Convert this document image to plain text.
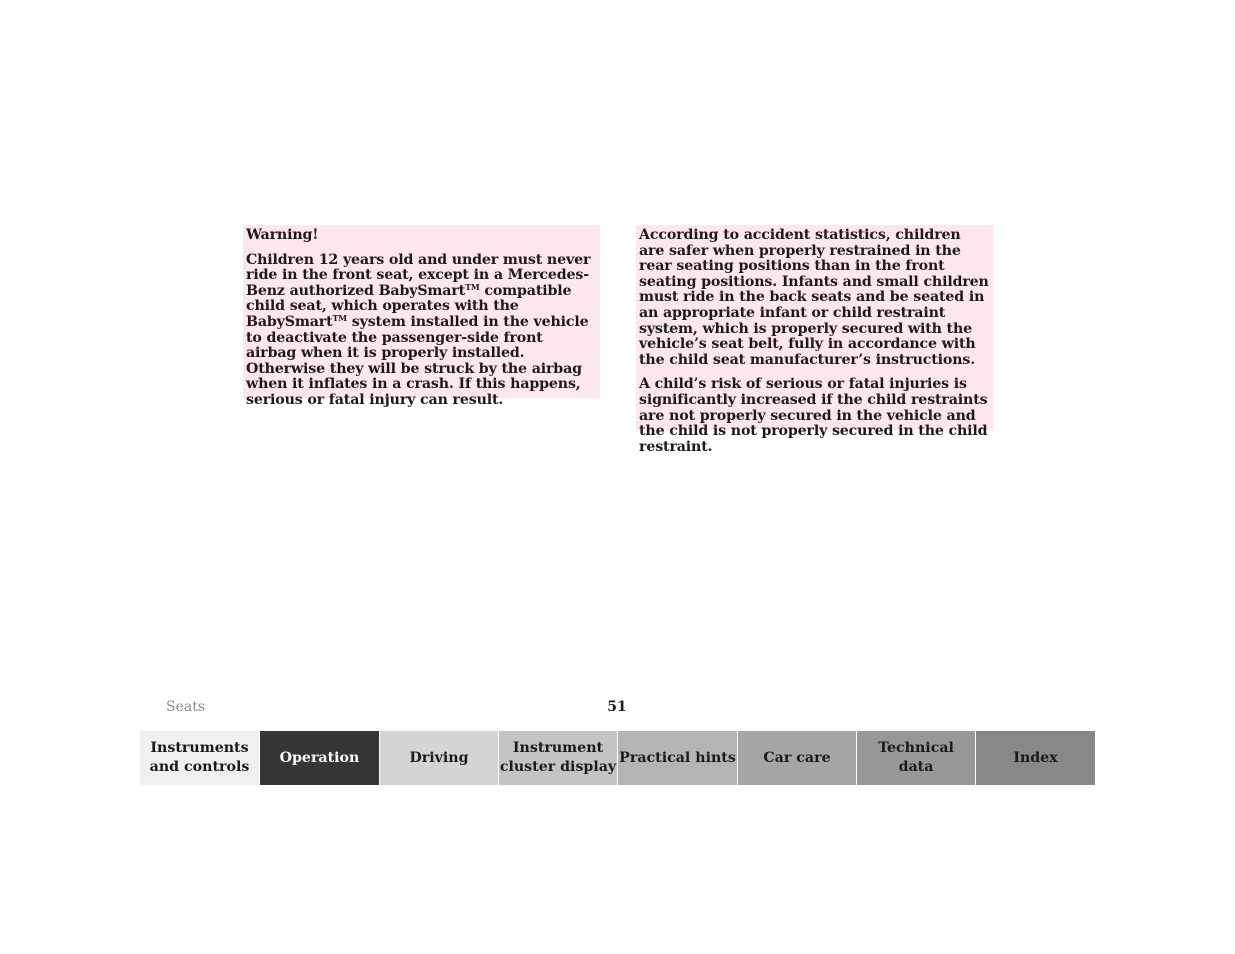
Warning!

Children 12 years old and under must never ride in the front seat, except in a Mercedes-Benz authorized BabySmart™ compatible child seat, which operates with the BabySmart™ system installed in the vehicle to deactivate the passenger-side front airbag when it is properly installed. Otherwise they will be struck by the airbag when it inflates in a crash. If this happens, serious or fatal injury can result.

According to accident statistics, children are safer when properly restrained in the rear seating positions than in the front seating positions. Infants and small children must ride in the back seats and be seated in an appropriate infant or child restraint system, which is properly secured with the vehicle’s seat belt, fully in accordance with the child seat manufacturer’s instructions.

A child’s risk of serious or fatal injuries is significantly increased if the child restraints are not properly secured in the vehicle and the child is not properly secured in the child restraint.

Seats	51
Instruments
and controls
Operation	Driving
Instrument
cluster display
Practical hints Car care
Technical
data
Index
